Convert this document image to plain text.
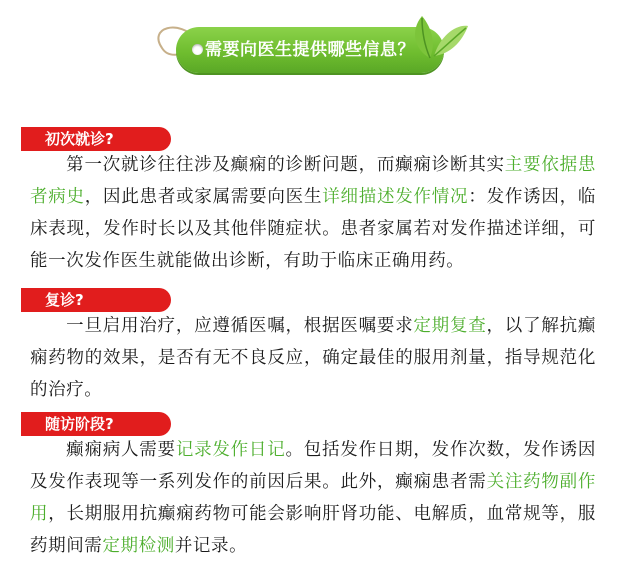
需要向医生提供哪些信息？
初次就诊?
第一次就诊往往涉及癫痫的诊断问题，而癫痫诊断其实主要依据患者病史，因此患者或家属需要向医生详细描述发作情况：发作诱因，临床表现，发作时长以及其他伴随症状。患者家属若对发作描述详细，可能一次发作医生就能做出诊断，有助于临床正确用药。
复诊?
一旦启用治疗，应遵循医嘱，根据医嘱要求定期复查，以了解抗癫痫药物的效果，是否有无不良反应，确定最佳的服用剂量，指导规范化的治疗。
随访阶段?
癫痫病人需要记录发作日记。包括发作日期，发作次数，发作诱因及发作表现等一系列发作的前因后果。此外，癫痫患者需关注药物副作用，长期服用抗癫痫药物可能会影响肝肾功能、电解质，血常规等，服药期间需定期检测并记录。
